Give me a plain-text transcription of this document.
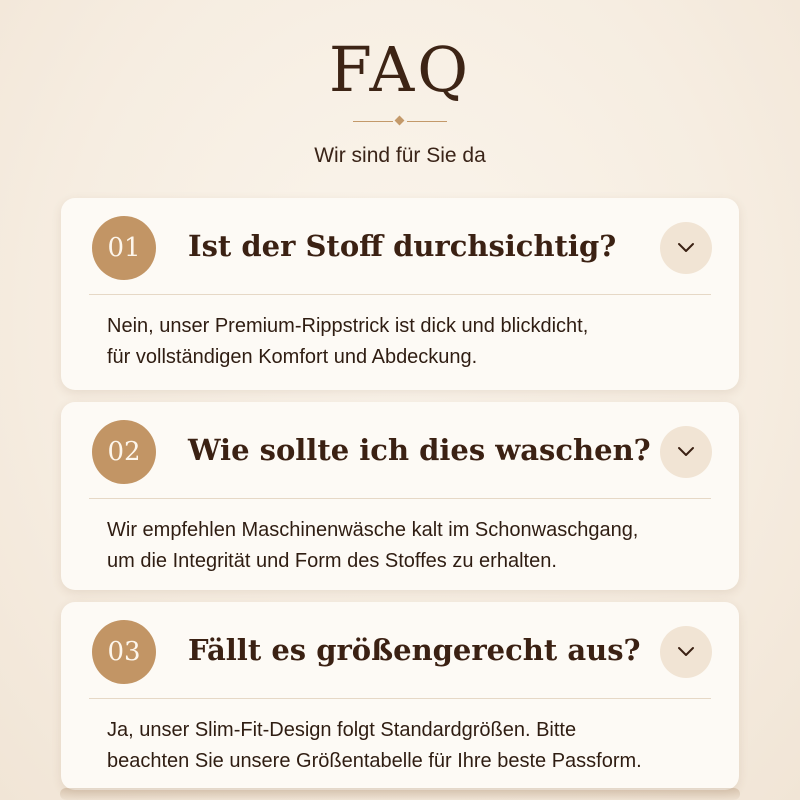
FAQ
Wir sind für Sie da
01	Ist der Stoff durchsichtig?
Nein, unser Premium-Rippstrick ist dick und blickdicht,
für vollständigen Komfort und Abdeckung.
02	Wie sollte ich dies waschen?
Wir empfehlen Maschinenwäsche kalt im Schonwaschgang,
um die Integrität und Form des Stoffes zu erhalten.
03	Fällt es größengerecht aus?
Ja, unser Slim-Fit-Design folgt Standardgrößen. Bitte
beachten Sie unsere Größentabelle für Ihre beste Passform.
